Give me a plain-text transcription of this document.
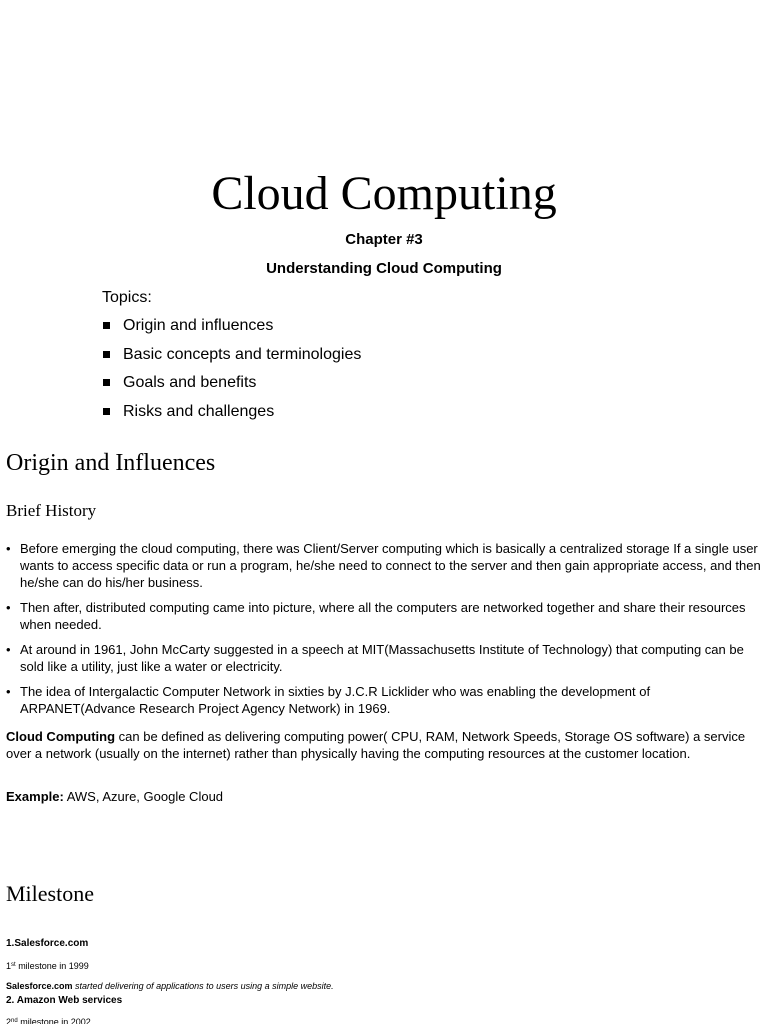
Cloud Computing
Chapter #3
Understanding Cloud Computing
Topics:
Origin and influences
Basic concepts and terminologies
Goals and benefits
Risks and challenges
Origin and Influences
Brief History
• Before emerging the cloud computing, there was Client/Server computing which is basically a centralized storage If a single user wants to access specific data or run a program, he/she need to connect to the server and then gain appropriate access, and then he/she can do his/her business.
• Then after, distributed computing came into picture, where all the computers are networked together and share their resources when needed.
• At around in 1961, John McCarty suggested in a speech at MIT(Massachusetts Institute of Technology) that computing can be sold like a utility, just like a water or electricity.
• The idea of Intergalactic Computer Network in sixties by J.C.R Licklider who was enabling the development of ARPANET(Advance Research Project Agency Network) in 1969.
Cloud Computing can be defined as delivering computing power( CPU, RAM, Network Speeds, Storage OS software) a service over a network (usually on the internet) rather than physically having the computing resources at the customer location.
Example: AWS, Azure, Google Cloud
Milestone
1.Salesforce.com
1st milestone in 1999
Salesforce.com started delivering of applications to users using a simple website.
2. Amazon Web services
2nd milestone in 2002
